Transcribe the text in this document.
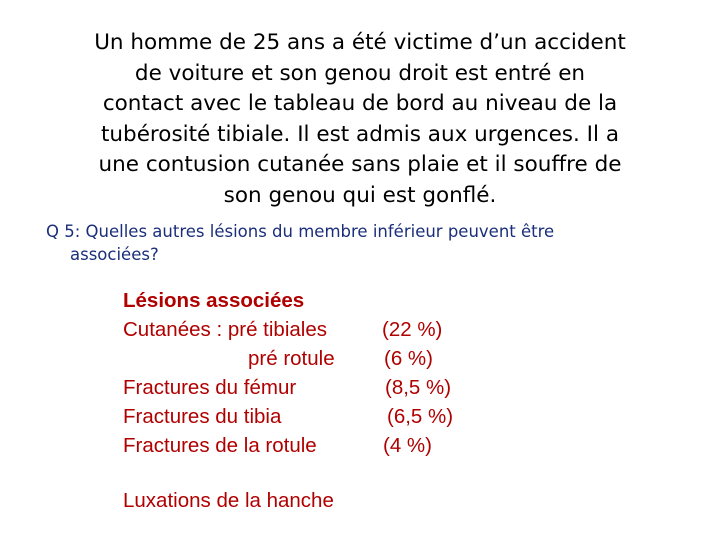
Un homme de 25 ans a été victime d’un accident
de voiture et son genou droit est entré en
contact avec le tableau de bord au niveau de la
tubérosité tibiale. Il est admis aux urgences. Il a
une contusion cutanée sans plaie et il souffre de
son genou qui est gonflé.
Q 5: Quelles autres lésions du membre inférieur peuvent être
associées?
Lésions associées
Cutanées : pré tibiales	(22 %)
pré rotule (6 %)
Fractures du fémur	(8,5 %)
Fractures du tibia	(6,5 %)
Fractures de la rotule	(4 %)
Luxations de la hanche
